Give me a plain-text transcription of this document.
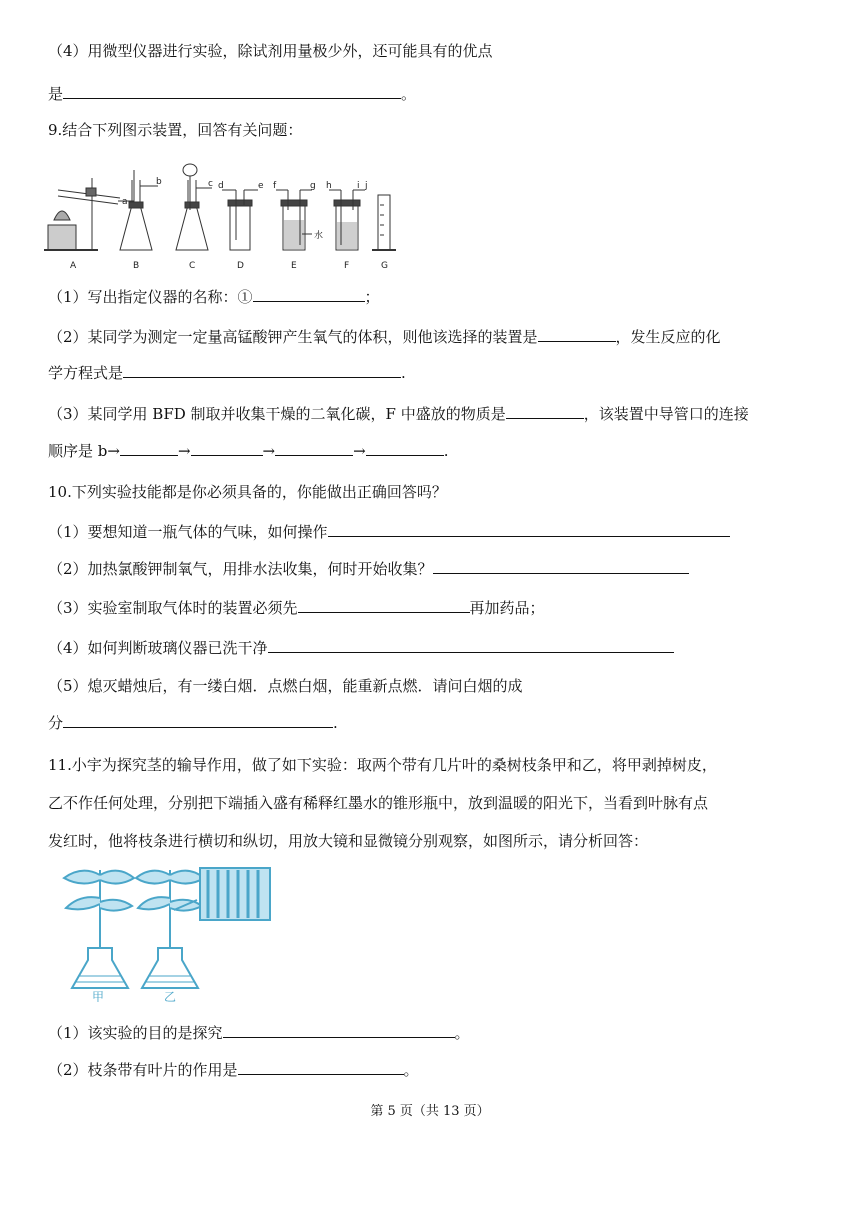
（4）用微型仪器进行实验，除试剂用量极少外，还可能具有的优点
是	。
9.结合下列图示装置，回答有关问题：
a
b	c d	e f	g h	i j
水
A	B	C	D	E	F	G
（1）写出指定仪器的名称：①	；
（2）某同学为测定一定量高锰酸钾产生氧气的体积，则他该选择的装置是	，发生反应的化
学方程式是	.
（3）某同学用 BFD 制取并收集干燥的二氧化碳，F 中盛放的物质是	，该装置中导管口的连接
顺序是 b→	→	→	→	.
10.下列实验技能都是你必须具备的，你能做出正确回答吗？
（1）要想知道一瓶气体的气味，如何操作
（2）加热氯酸钾制氧气，用排水法收集，何时开始收集？
（3）实验室制取气体时的装置必须先	再加药品；
（4）如何判断玻璃仪器已洗干净
（5）熄灭蜡烛后，有一缕白烟．点燃白烟，能重新点燃．请问白烟的成
分	.
11.小宇为探究茎的输导作用，做了如下实验：取两个带有几片叶的桑树枝条甲和乙，将甲剥掉树皮，
乙不作任何处理，分别把下端插入盛有稀释红墨水的锥形瓶中，放到温暖的阳光下，当看到叶脉有点
发红时，他将枝条进行横切和纵切，用放大镜和显微镜分别观察，如图所示，请分析回答：
甲	乙
（1）该实验的目的是探究	。
（2）枝条带有叶片的作用是	。
第 5 页（共 13 页）
